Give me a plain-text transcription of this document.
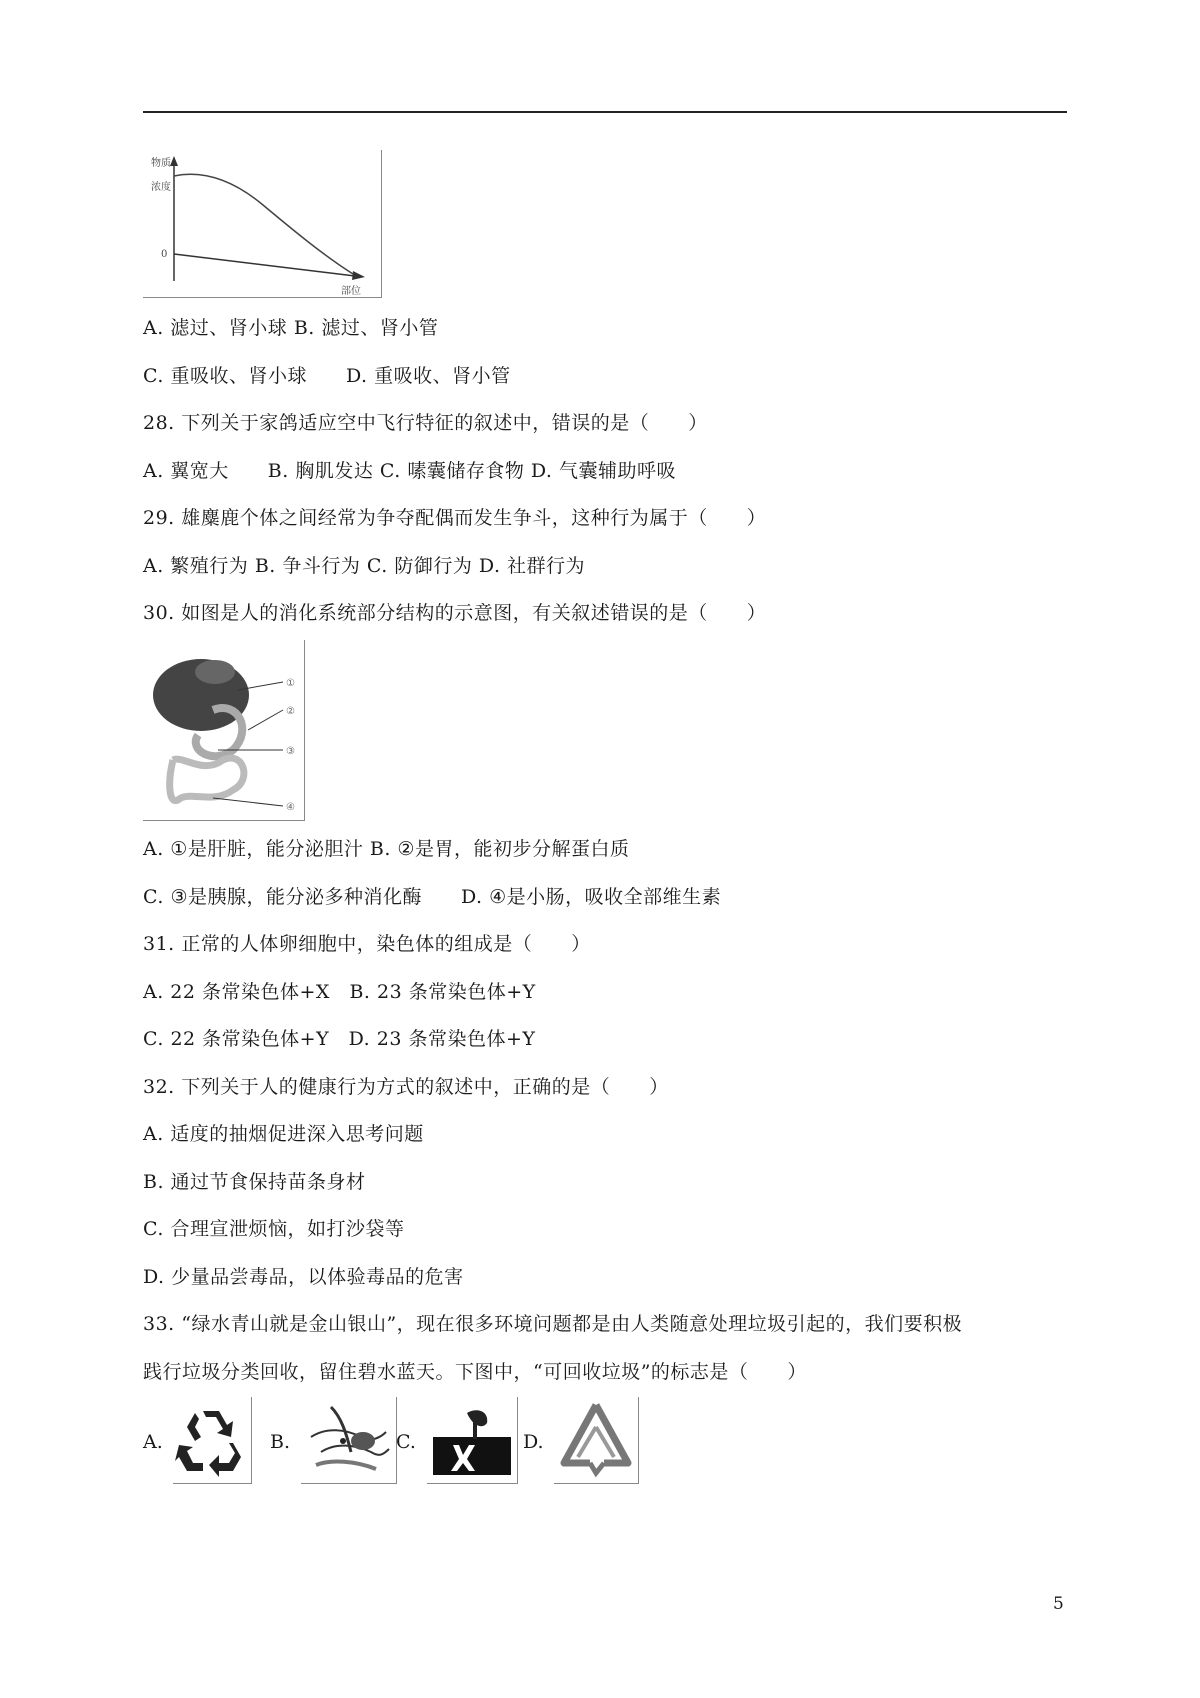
物质
浓度
0
部位
A. 滤过、肾小球 B. 滤过、肾小管
C. 重吸收、肾小球　　D. 重吸收、肾小管
28. 下列关于家鸽适应空中飞行特征的叙述中，错误的是（　　）
A. 翼宽大　　B. 胸肌发达 C. 嗉囊储存食物 D. 气囊辅助呼吸
29. 雄麋鹿个体之间经常为争夺配偶而发生争斗，这种行为属于（　　）
A. 繁殖行为 B. 争斗行为 C. 防御行为 D. 社群行为
30. 如图是人的消化系统部分结构的示意图，有关叙述错误的是（　　）
①
②
③
④
A. ①是肝脏，能分泌胆汁 B. ②是胃，能初步分解蛋白质
C. ③是胰腺，能分泌多种消化酶　　D. ④是小肠，吸收全部维生素
31. 正常的人体卵细胞中，染色体的组成是（　　）
A. 22 条常染色体+X　B. 23 条常染色体+Y
C. 22 条常染色体+Y　D. 23 条常染色体+Y
32. 下列关于人的健康行为方式的叙述中，正确的是（　　）
A. 适度的抽烟促进深入思考问题
B. 通过节食保持苗条身材
C. 合理宣泄烦恼，如打沙袋等
D. 少量品尝毒品，以体验毒品的危害
33. “绿水青山就是金山银山”，现在很多环境问题都是由人类随意处理垃圾引起的，我们要积极
践行垃圾分类回收，留住碧水蓝天。下图中，“可回收垃圾”的标志是（　　）
A.	B.	C.	D.
5
